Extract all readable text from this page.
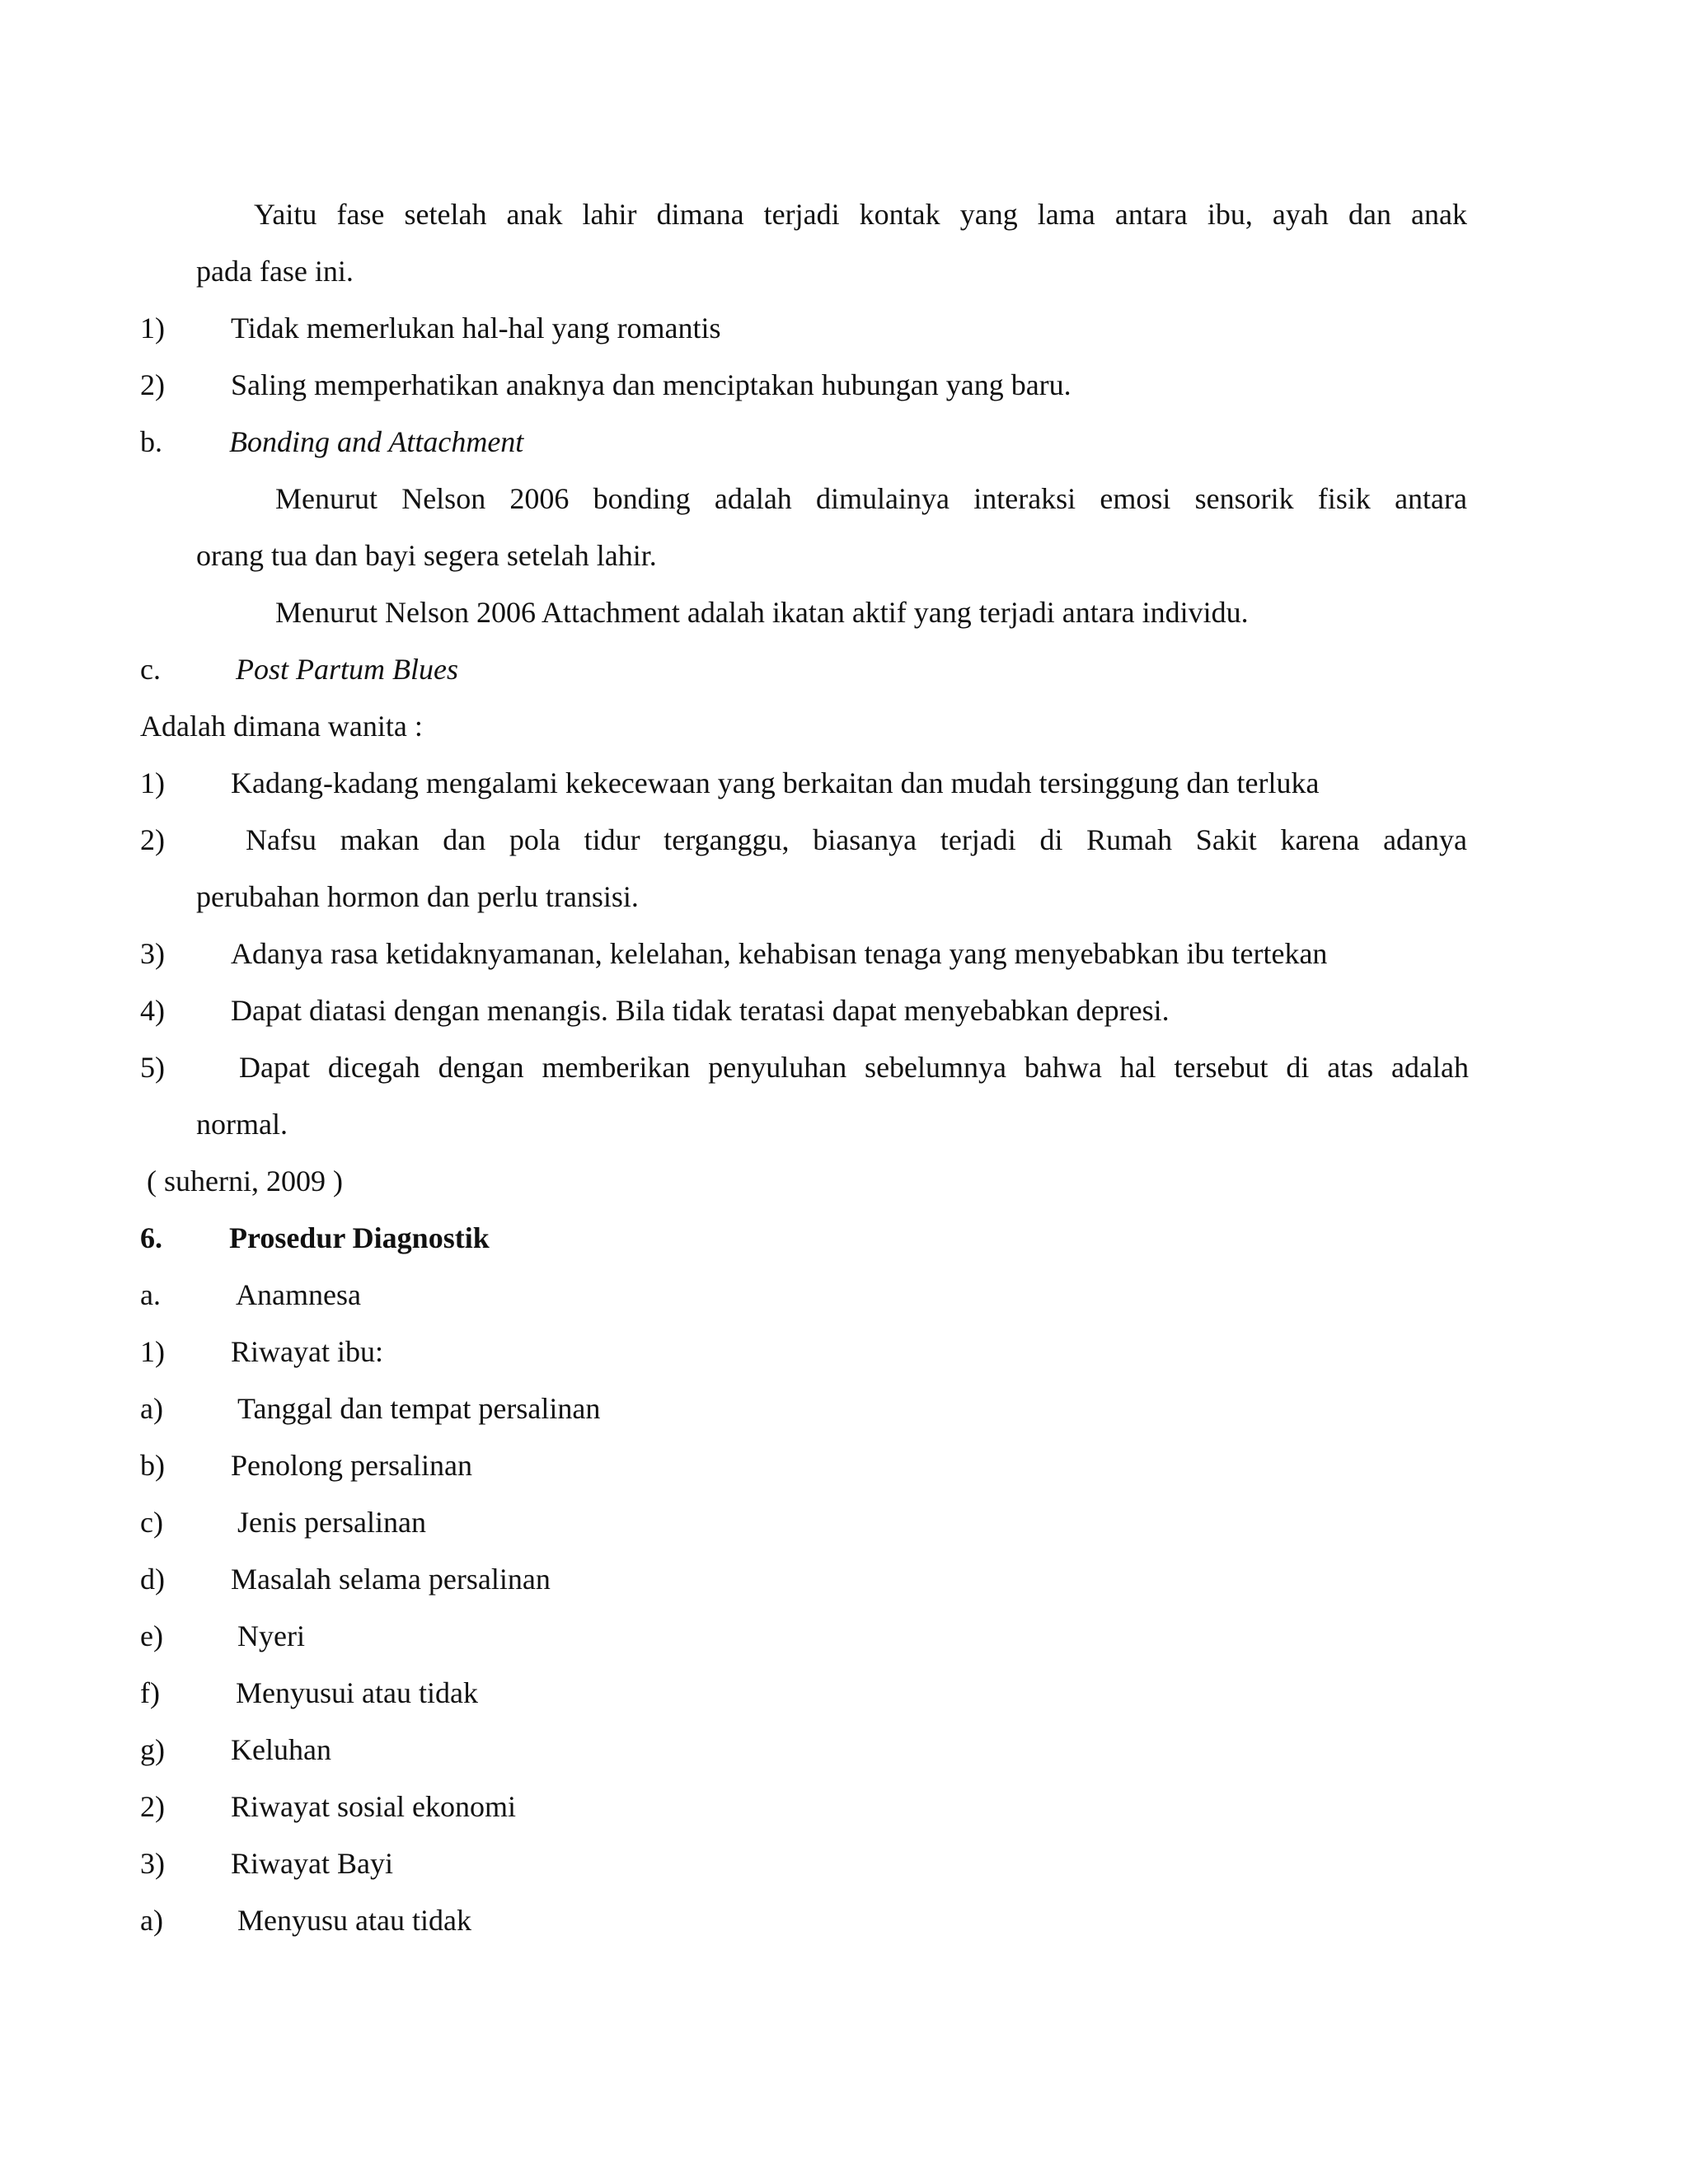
Yaitu fase setelah anak lahir dimana terjadi kontak yang lama antara ibu, ayah dan anak
pada fase ini.
1) Tidak memerlukan hal-hal yang romantis
2) Saling memperhatikan anaknya dan menciptakan hubungan yang baru.
b. Bonding and Attachment
Menurut Nelson 2006 bonding adalah dimulainya interaksi emosi sensorik fisik antara
orang tua dan bayi segera setelah lahir.
Menurut Nelson 2006 Attachment adalah ikatan aktif yang terjadi antara individu.
c.	Post Partum Blues
Adalah dimana wanita :
1) Kadang-kadang mengalami kekecewaan yang berkaitan dan mudah tersinggung dan terluka
2)	Nafsu makan dan pola tidur terganggu, biasanya terjadi di Rumah Sakit karena adanya
perubahan hormon dan perlu transisi.
3) Adanya rasa ketidaknyamanan, kelelahan, kehabisan tenaga yang menyebabkan ibu tertekan
4) Dapat diatasi dengan menangis. Bila tidak teratasi dapat menyebabkan depresi.
5)	Dapat dicegah dengan memberikan penyuluhan sebelumnya bahwa hal tersebut di atas adalah
normal.
( suherni, 2009 )
6. Prosedur Diagnostik
a.	Anamnesa
1) Riwayat ibu:
a)	Tanggal dan tempat persalinan
b) Penolong persalinan
c)	Jenis persalinan
d) Masalah selama persalinan
e)	Nyeri
f)	Menyusui atau tidak
g) Keluhan
2) Riwayat sosial ekonomi
3) Riwayat Bayi
a)	Menyusu atau tidak
